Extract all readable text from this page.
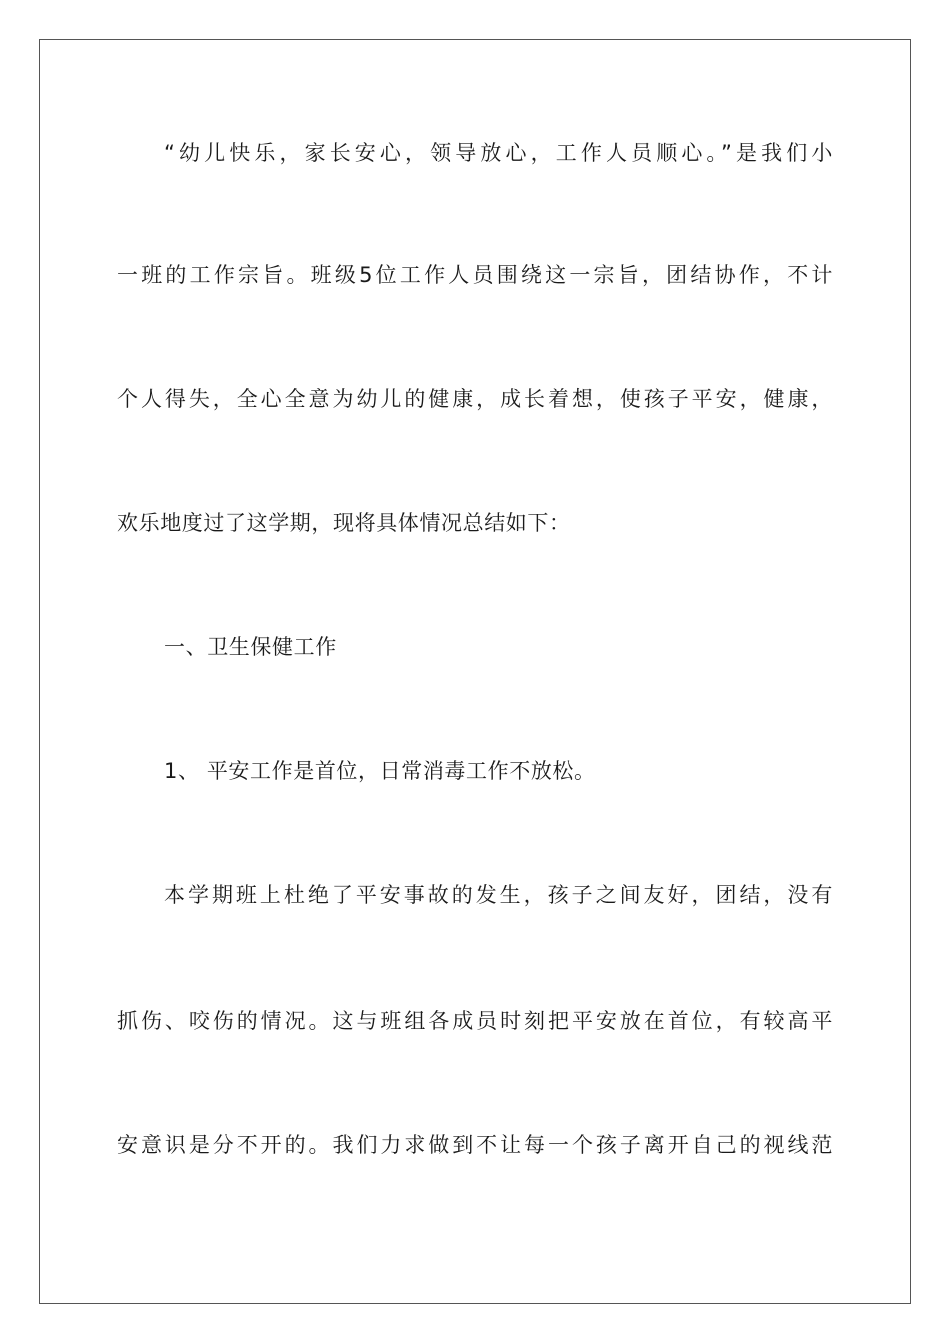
“幼儿快乐，家长安心，领导放心，工作人员顺心。”是我们小
一班的工作宗旨。班级5位工作人员围绕这一宗旨，团结协作，不计
个人得失，全心全意为幼儿的健康，成长着想，使孩子平安，健康，
欢乐地度过了这学期，现将具体情况总结如下：
一、卫生保健工作
1、 平安工作是首位，日常消毒工作不放松。
本学期班上杜绝了平安事故的发生，孩子之间友好，团结，没有
抓伤、咬伤的情况。这与班组各成员时刻把平安放在首位，有较高平
安意识是分不开的。我们力求做到不让每一个孩子离开自己的视线范
